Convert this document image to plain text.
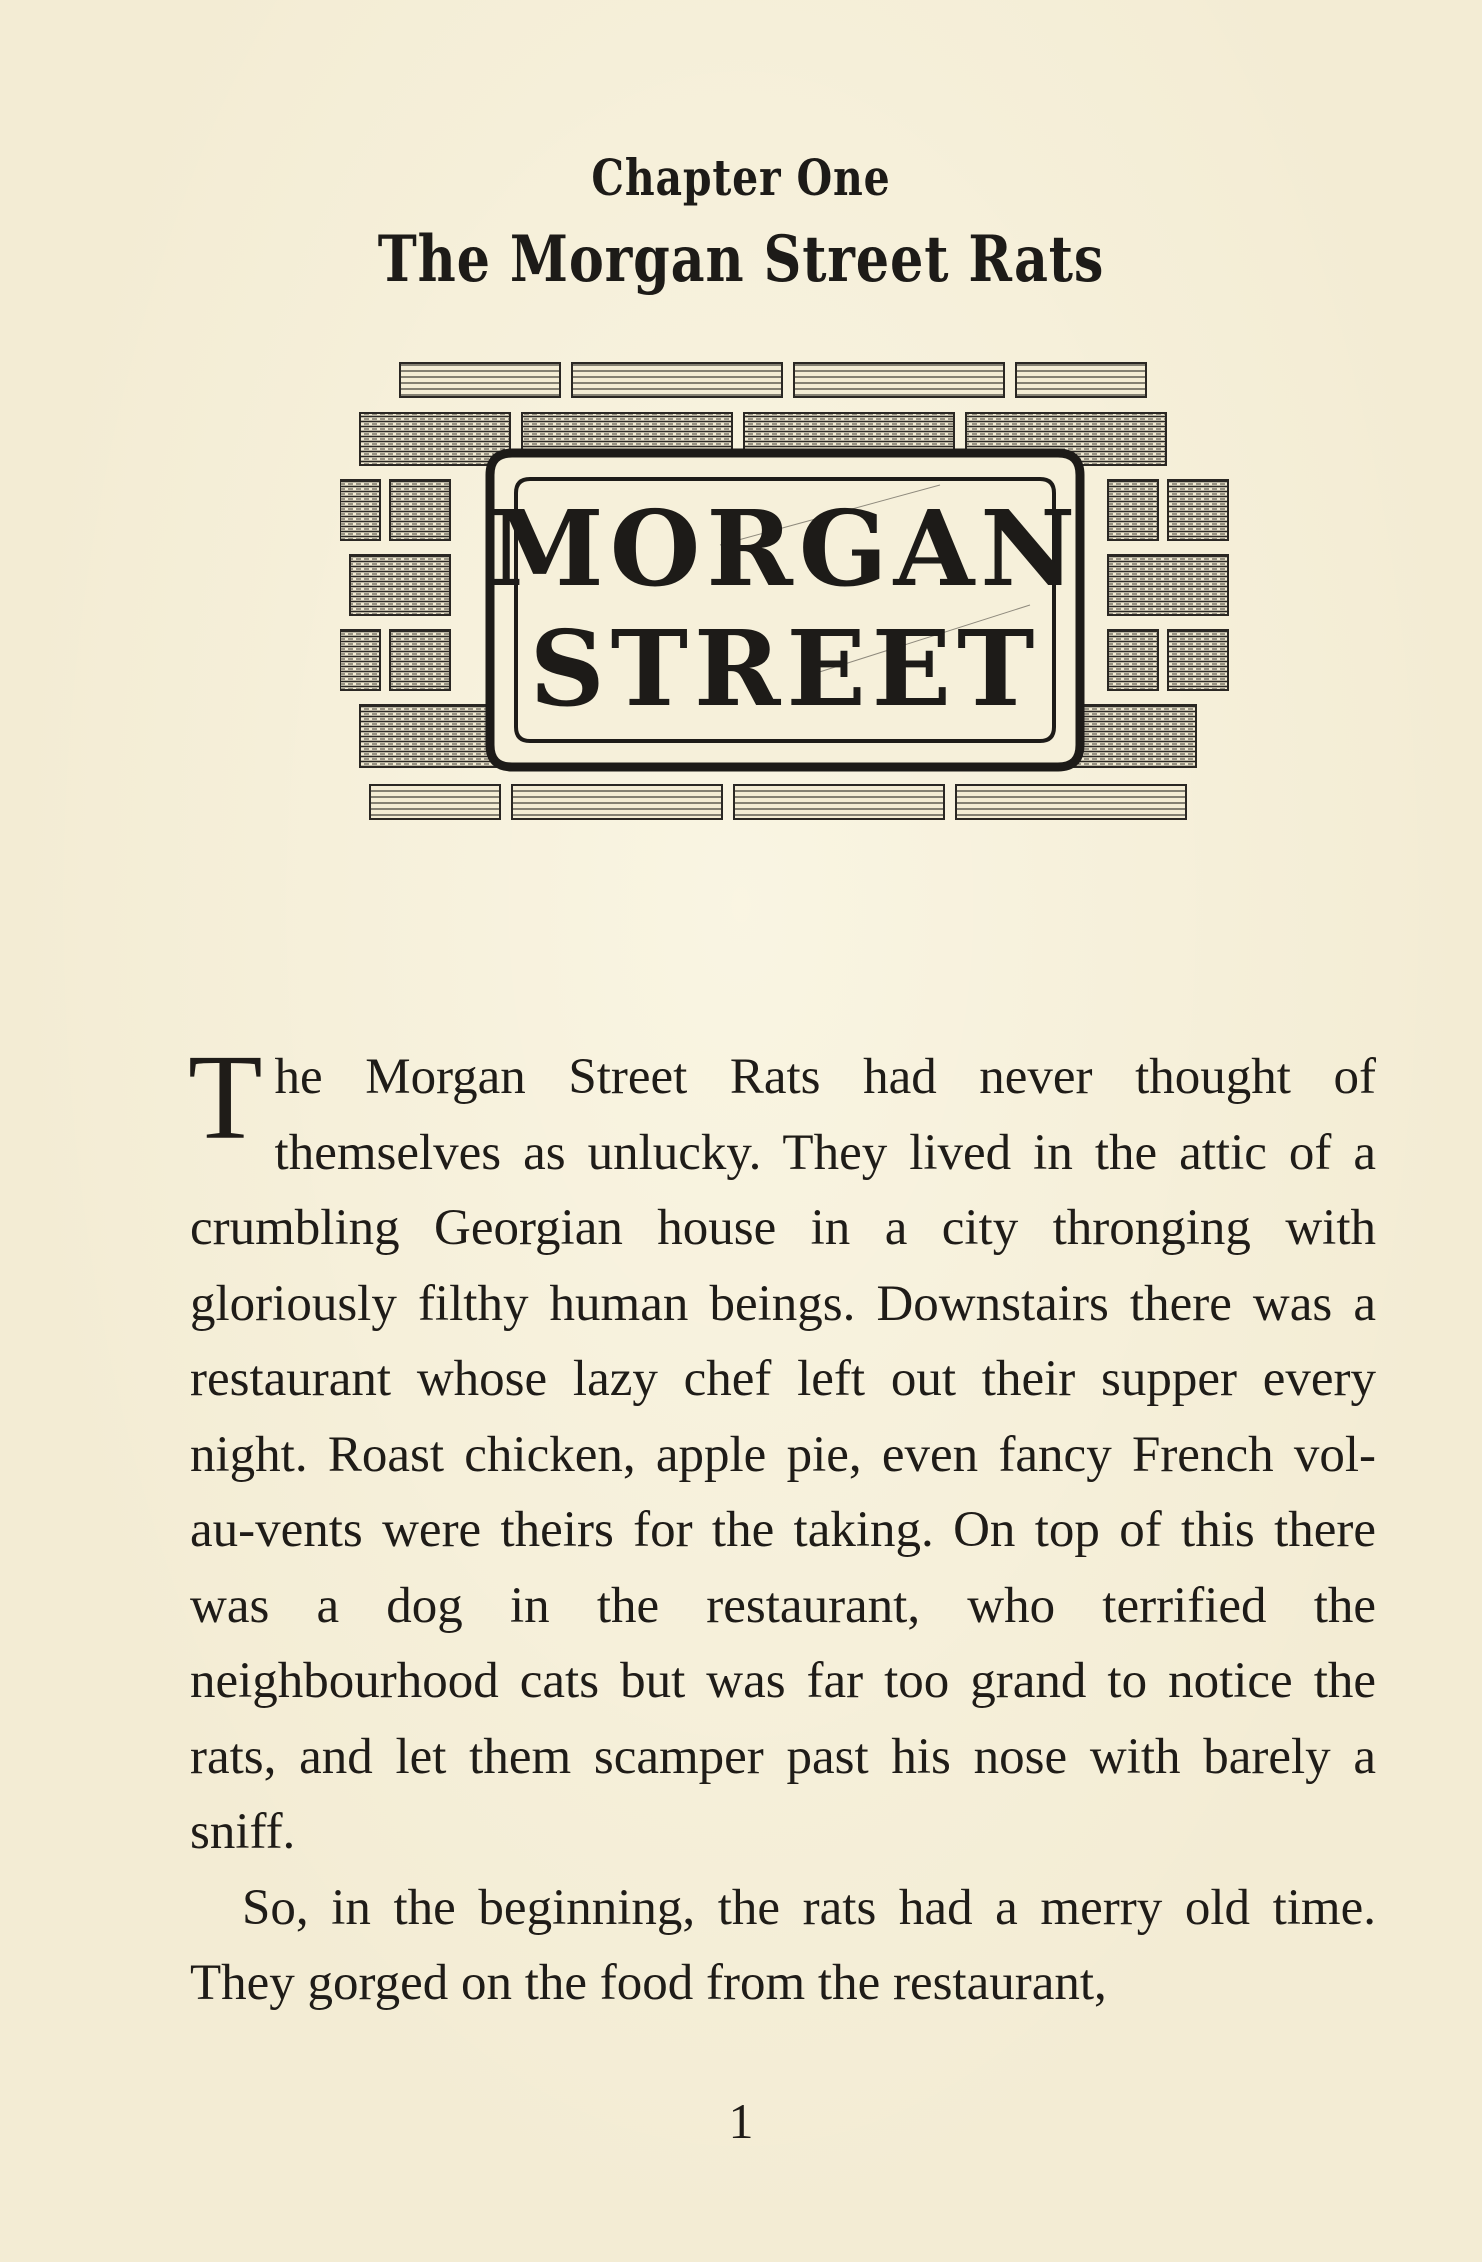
Chapter One
The Morgan Street Rats
MORGAN
STREET

The Morgan Street Rats had never thought of themselves as unlucky. They lived in the attic of a crumbling Georgian house in a city thronging with gloriously filthy human beings. Downstairs there was a restaurant whose lazy chef left out their supper every night. Roast chicken, apple pie, even fancy French vol-au-vents were theirs for the taking. On top of this there was a dog in the restaurant, who terrified the neighbourhood cats but was far too grand to notice the rats, and let them scamper past his nose with barely a sniff.

So, in the beginning, the rats had a merry old time. They gorged on the food from the restaurant,

1
